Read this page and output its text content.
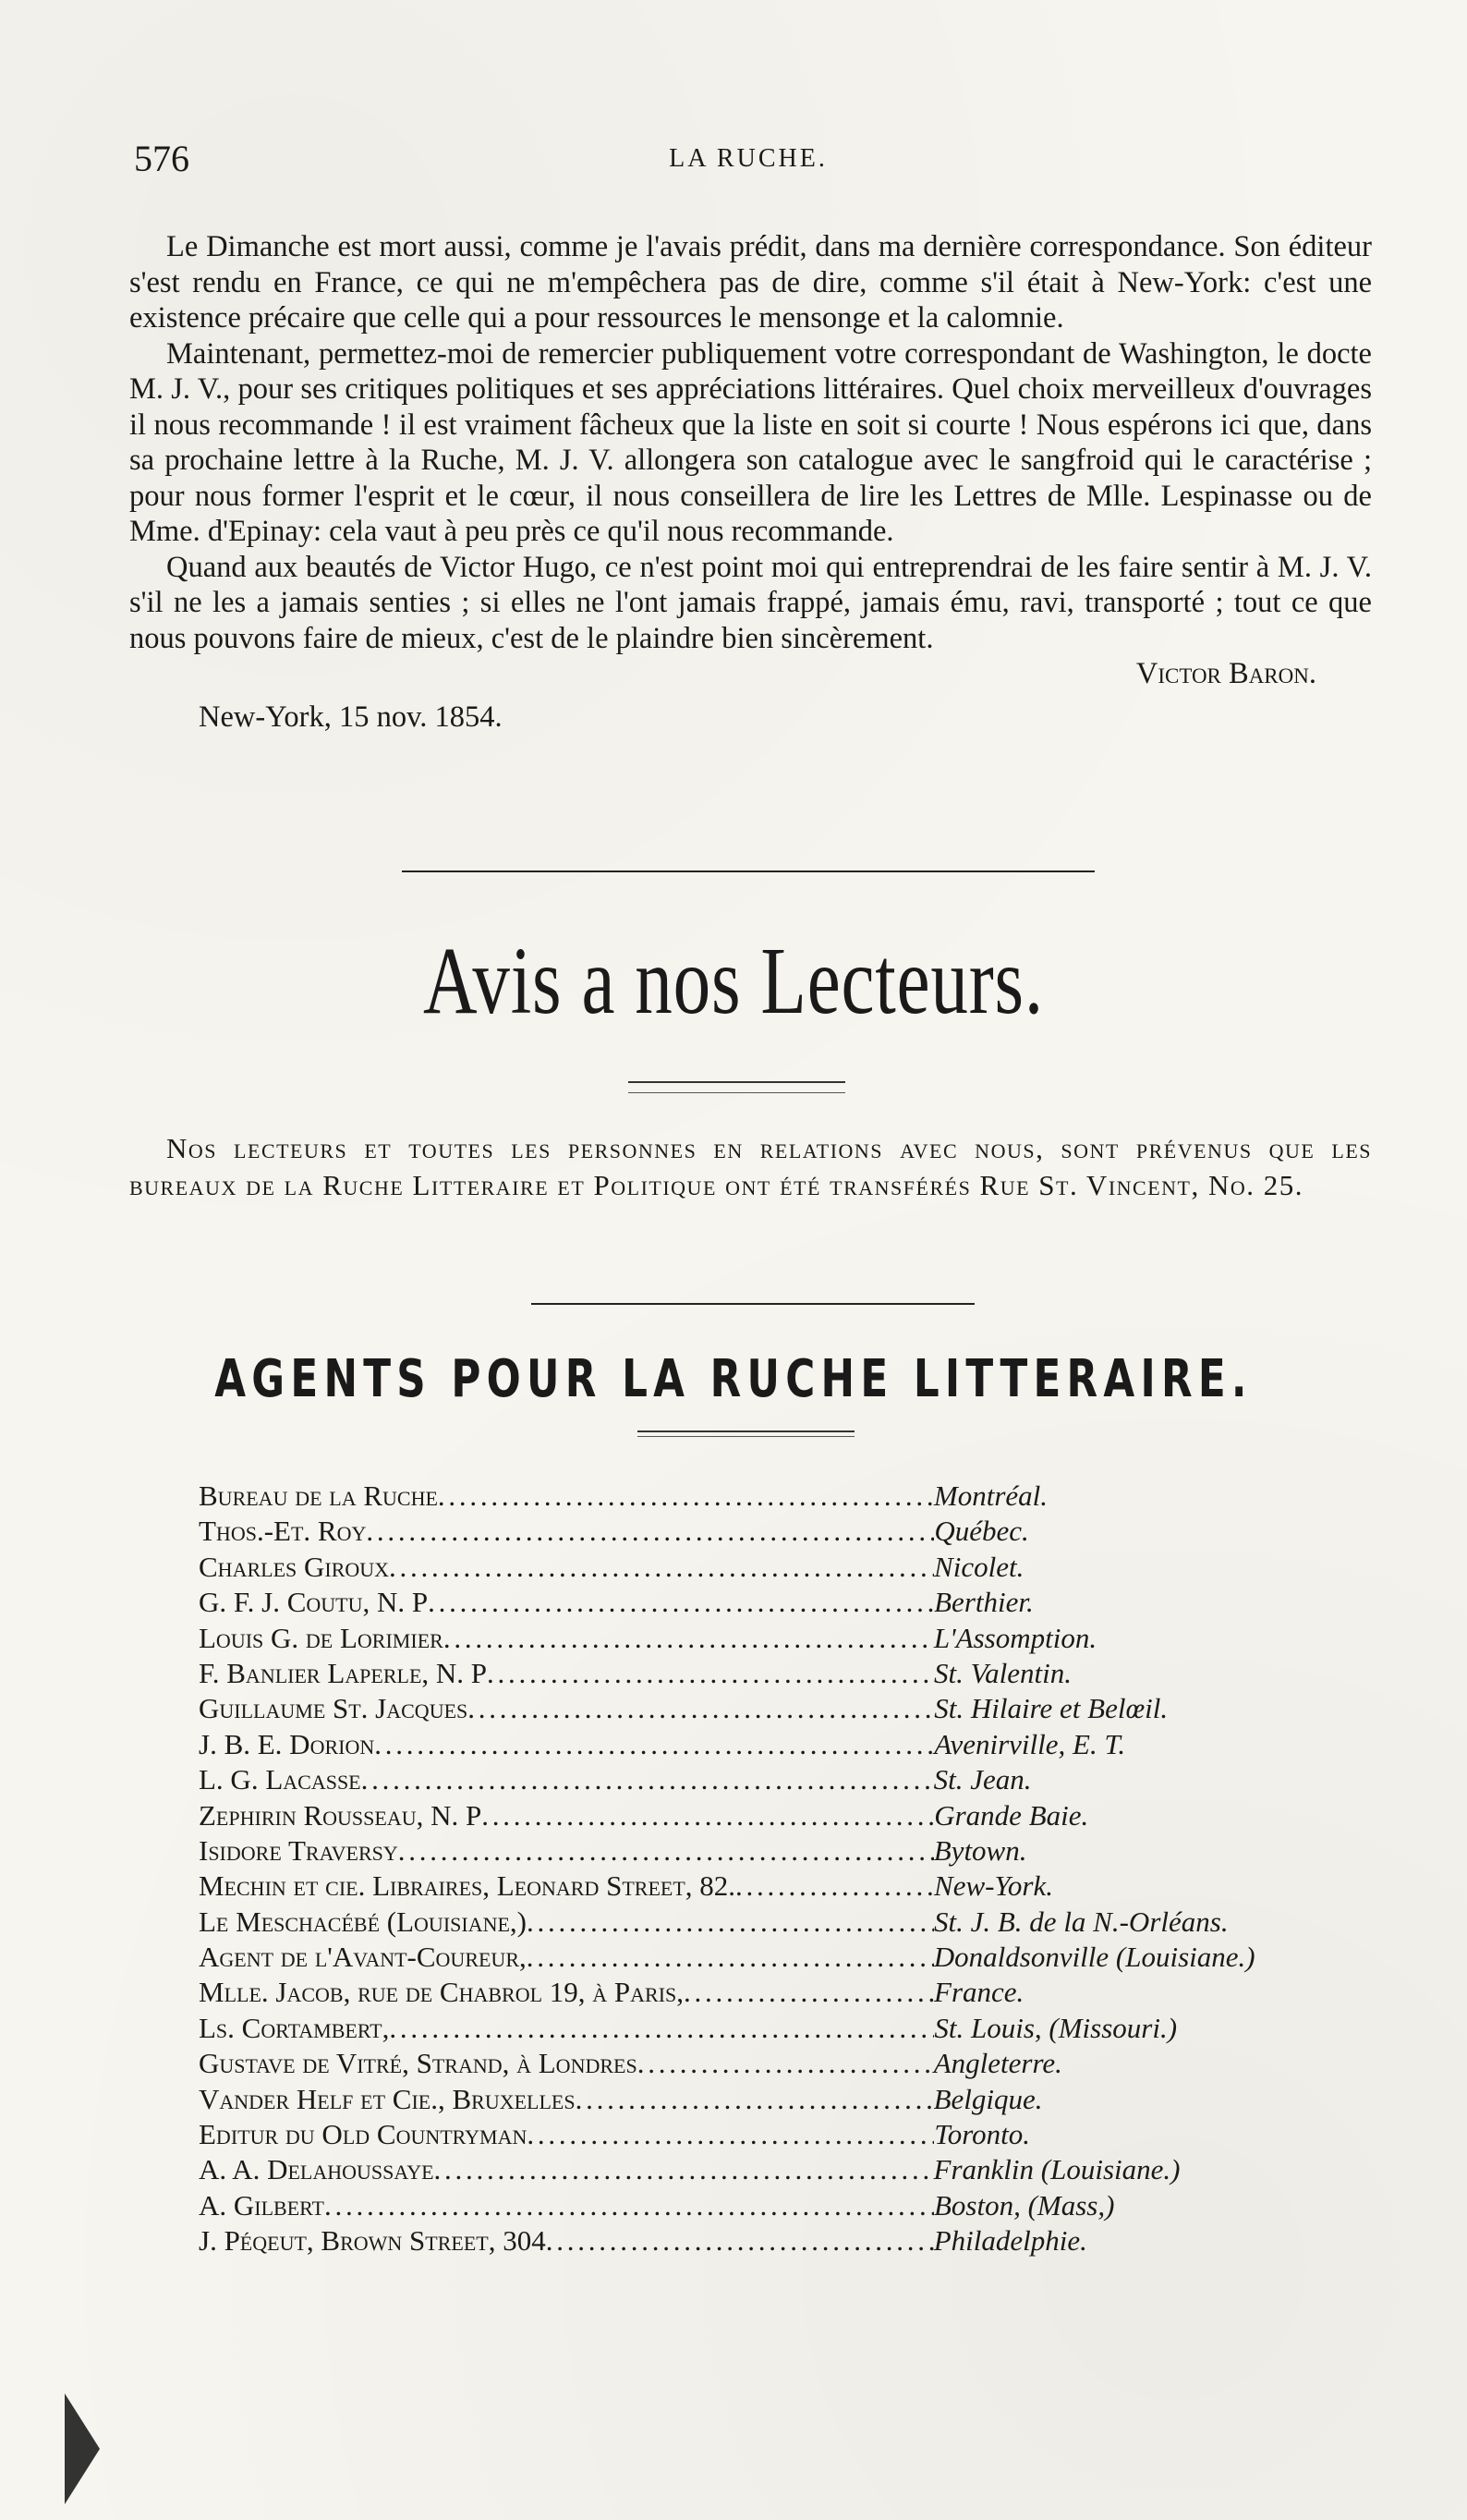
576	LA RUCHE.

Le Dimanche est mort aussi, comme je l'avais prédit, dans ma dernière correspondance. Son éditeur s'est rendu en France, ce qui ne m'empêchera pas de dire, comme s'il était à New-York: c'est une existence précaire que celle qui a pour ressources le mensonge et la calomnie.

Maintenant, permettez-moi de remercier publiquement votre correspondant de Washington, le docte M. J. V., pour ses critiques politiques et ses appréciations littéraires. Quel choix merveilleux d'ouvrages il nous recommande ! il est vraiment fâcheux que la liste en soit si courte ! Nous espérons ici que, dans sa prochaine lettre à la Ruche, M. J. V. allongera son catalogue avec le sangfroid qui le caractérise ; pour nous former l'esprit et le cœur, il nous conseillera de lire les Lettres de Mlle. Lespinasse ou de Mme. d'Epinay: cela vaut à peu près ce qu'il nous recommande.

Quand aux beautés de Victor Hugo, ce n'est point moi qui entreprendrai de les faire sentir à M. J. V. s'il ne les a jamais senties ; si elles ne l'ont jamais frappé, jamais ému, ravi, transporté ; tout ce que nous pouvons faire de mieux, c'est de le plaindre bien sincèrement.

Victor Baron.
New-York, 15 nov. 1854.
Avis a nos Lecteurs.

Nos lecteurs et toutes les personnes en relations avec nous, sont prévenus que les bureaux de la Ruche Litteraire et Politique ont été transférés Rue St. Vincent, No. 25.

AGENTS POUR LA RUCHE LITTERAIRE.
Bureau de la Ruche . . .	Montréal.
Thos.-Et. Roy . . .	Québec.
Charles Giroux . . .	Nicolet.
G. F. J. Coutu, N. P . . .	Berthier.
Louis G. de Lorimier . . .	L'Assomption.
F. Banlier Laperle, N. P . . .	St. Valentin.
Guillaume St. Jacques . . .	St. Hilaire et Belœil.
J. B. E. Dorion . . .	Avenirville, E. T.
L. G. Lacasse . . .	St. Jean.
Zephirin Rousseau, N. P . . .	Grande Baie.
Isidore Traversy . . .	Bytown.
Mechin et cie. Libraires, Leonard Street, 82. . . .	New-York.
Le Meschacébé (Louisiane,) . . .	St. J. B. de la N.-Orléans.
Agent de l'Avant-Coureur, . . .	Donaldsonville (Louisiane.)
Mlle. Jacob, rue de Chabrol 19, à Paris, . . .	France.
Ls. Cortambert, . . .	St. Louis, (Missouri.)
Gustave de Vitré, Strand, à Londres . . .	Angleterre.
Vander Helf et Cie., Bruxelles . . .	Belgique.
Editur du Old Countryman . . .	Toronto.
A. A. Delahoussaye . . .	Franklin (Louisiane.)
A. Gilbert . . .	Boston, (Mass,)
J. Péqeut, Brown Street, 304 . . .	Philadelphie.
